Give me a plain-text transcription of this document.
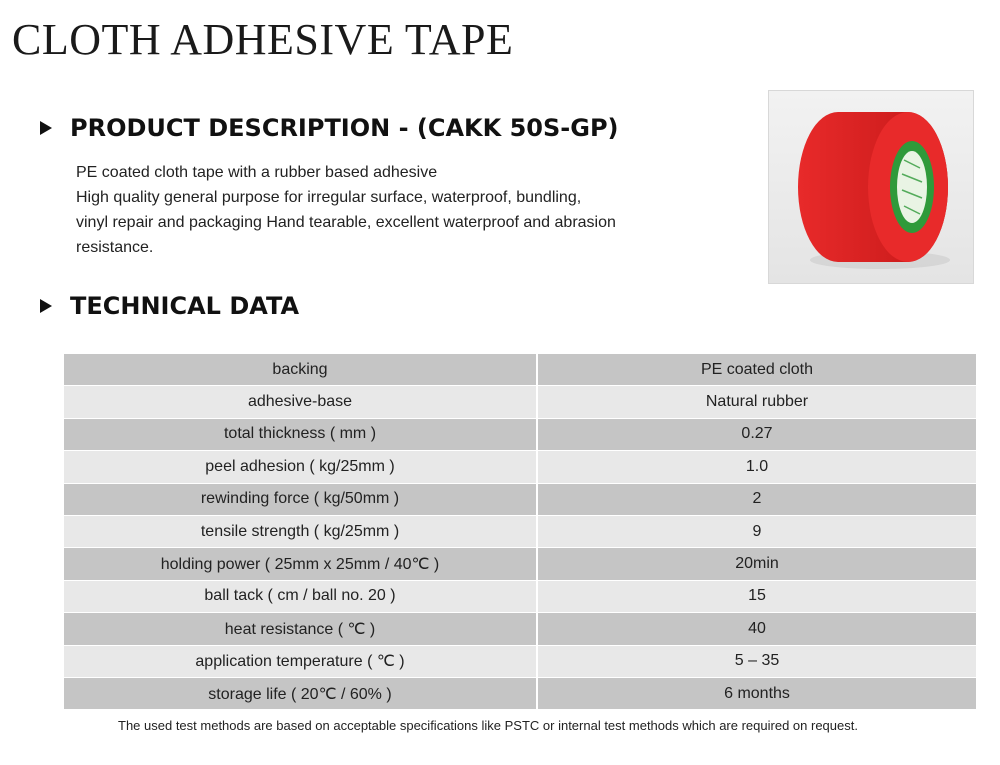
CLOTH ADHESIVE TAPE
PRODUCT DESCRIPTION - (CAKK 50S-GP)

PE coated cloth tape with a rubber based adhesive

High quality general purpose for irregular surface, waterproof, bundling,

vinyl repair and packaging Hand tearable, excellent waterproof and abrasion

resistance.

TECHNICAL DATA
backing	PE coated cloth
adhesive-base	Natural rubber
total thickness ( mm )	0.27
peel adhesion ( kg/25mm )	1.0
rewinding force ( kg/50mm )	2
tensile strength ( kg/25mm )	9
holding power ( 25mm x 25mm / 40℃ )	20min
ball tack ( cm / ball no. 20 )	15
heat resistance ( ℃ )	40
application temperature ( ℃ )	5 – 35
storage life ( 20℃ / 60% )	6 months
The used test methods are based on acceptable specifications like PSTC or internal test methods which are required on request.
